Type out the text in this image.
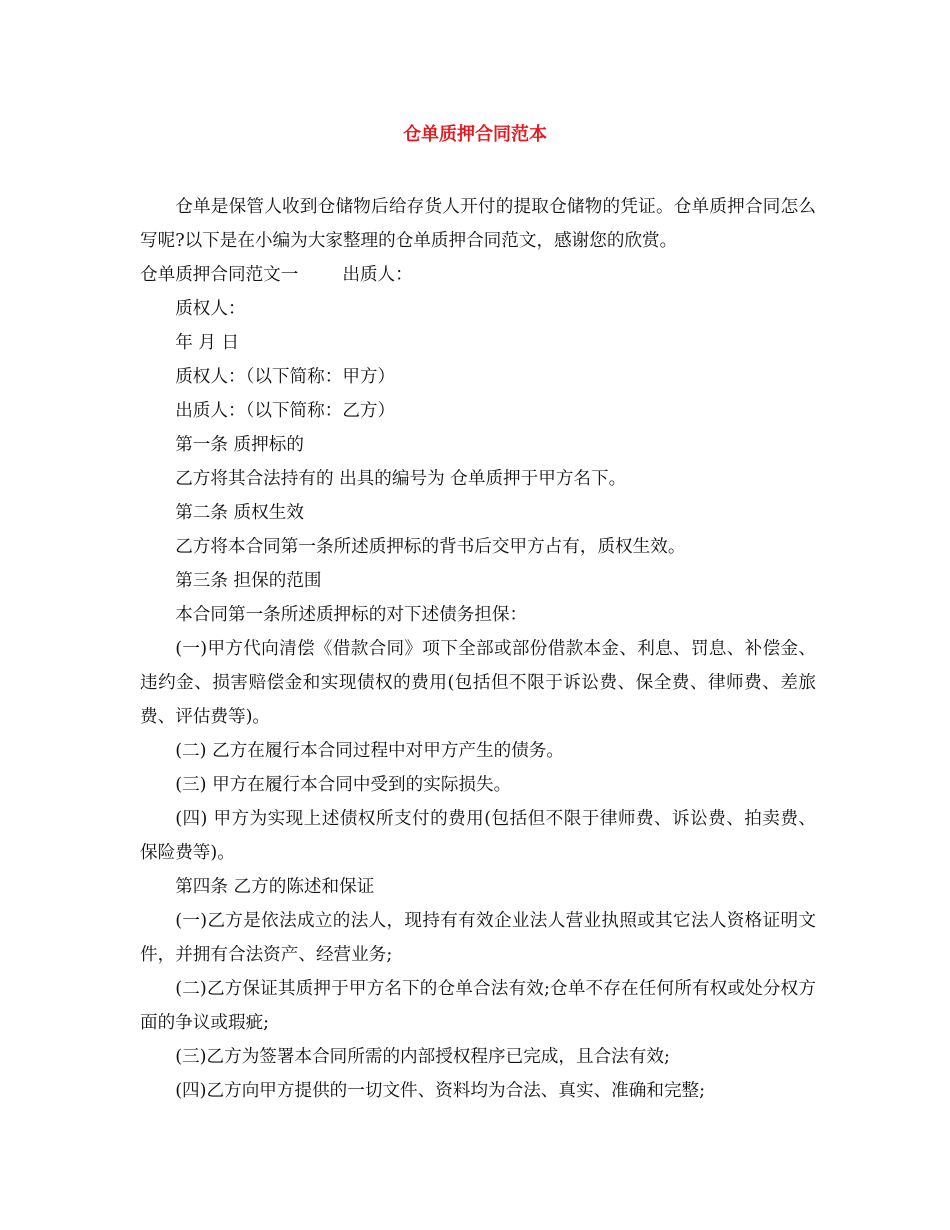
仓单质押合同范本

仓单是保管人收到仓储物后给存货人开付的提取仓储物的凭证。仓单质押合同怎么写呢?以下是在小编为大家整理的仓单质押合同范文，感谢您的欣赏。

仓单质押合同范文一	出质人：

质权人：

年 月 日

质权人：（以下简称：甲方）

出质人：（以下简称：乙方）

第一条 质押标的

乙方将其合法持有的 出具的编号为 仓单质押于甲方名下。

第二条 质权生效

乙方将本合同第一条所述质押标的背书后交甲方占有，质权生效。

第三条 担保的范围

本合同第一条所述质押标的对下述债务担保：

(一)甲方代向清偿《借款合同》项下全部或部份借款本金、利息、罚息、补偿金、违约金、损害赔偿金和实现债权的费用(包括但不限于诉讼费、保全费、律师费、差旅费、评估费等)。

(二) 乙方在履行本合同过程中对甲方产生的债务。

(三) 甲方在履行本合同中受到的实际损失。

(四) 甲方为实现上述债权所支付的费用(包括但不限于律师费、诉讼费、拍卖费、保险费等)。

第四条 乙方的陈述和保证

(一)乙方是依法成立的法人，现持有有效企业法人营业执照或其它法人资格证明文件，并拥有合法资产、经营业务;

(二)乙方保证其质押于甲方名下的仓单合法有效;仓单不存在任何所有权或处分权方面的争议或瑕疵;

(三)乙方为签署本合同所需的内部授权程序已完成，且合法有效;

(四)乙方向甲方提供的一切文件、资料均为合法、真实、准确和完整;
